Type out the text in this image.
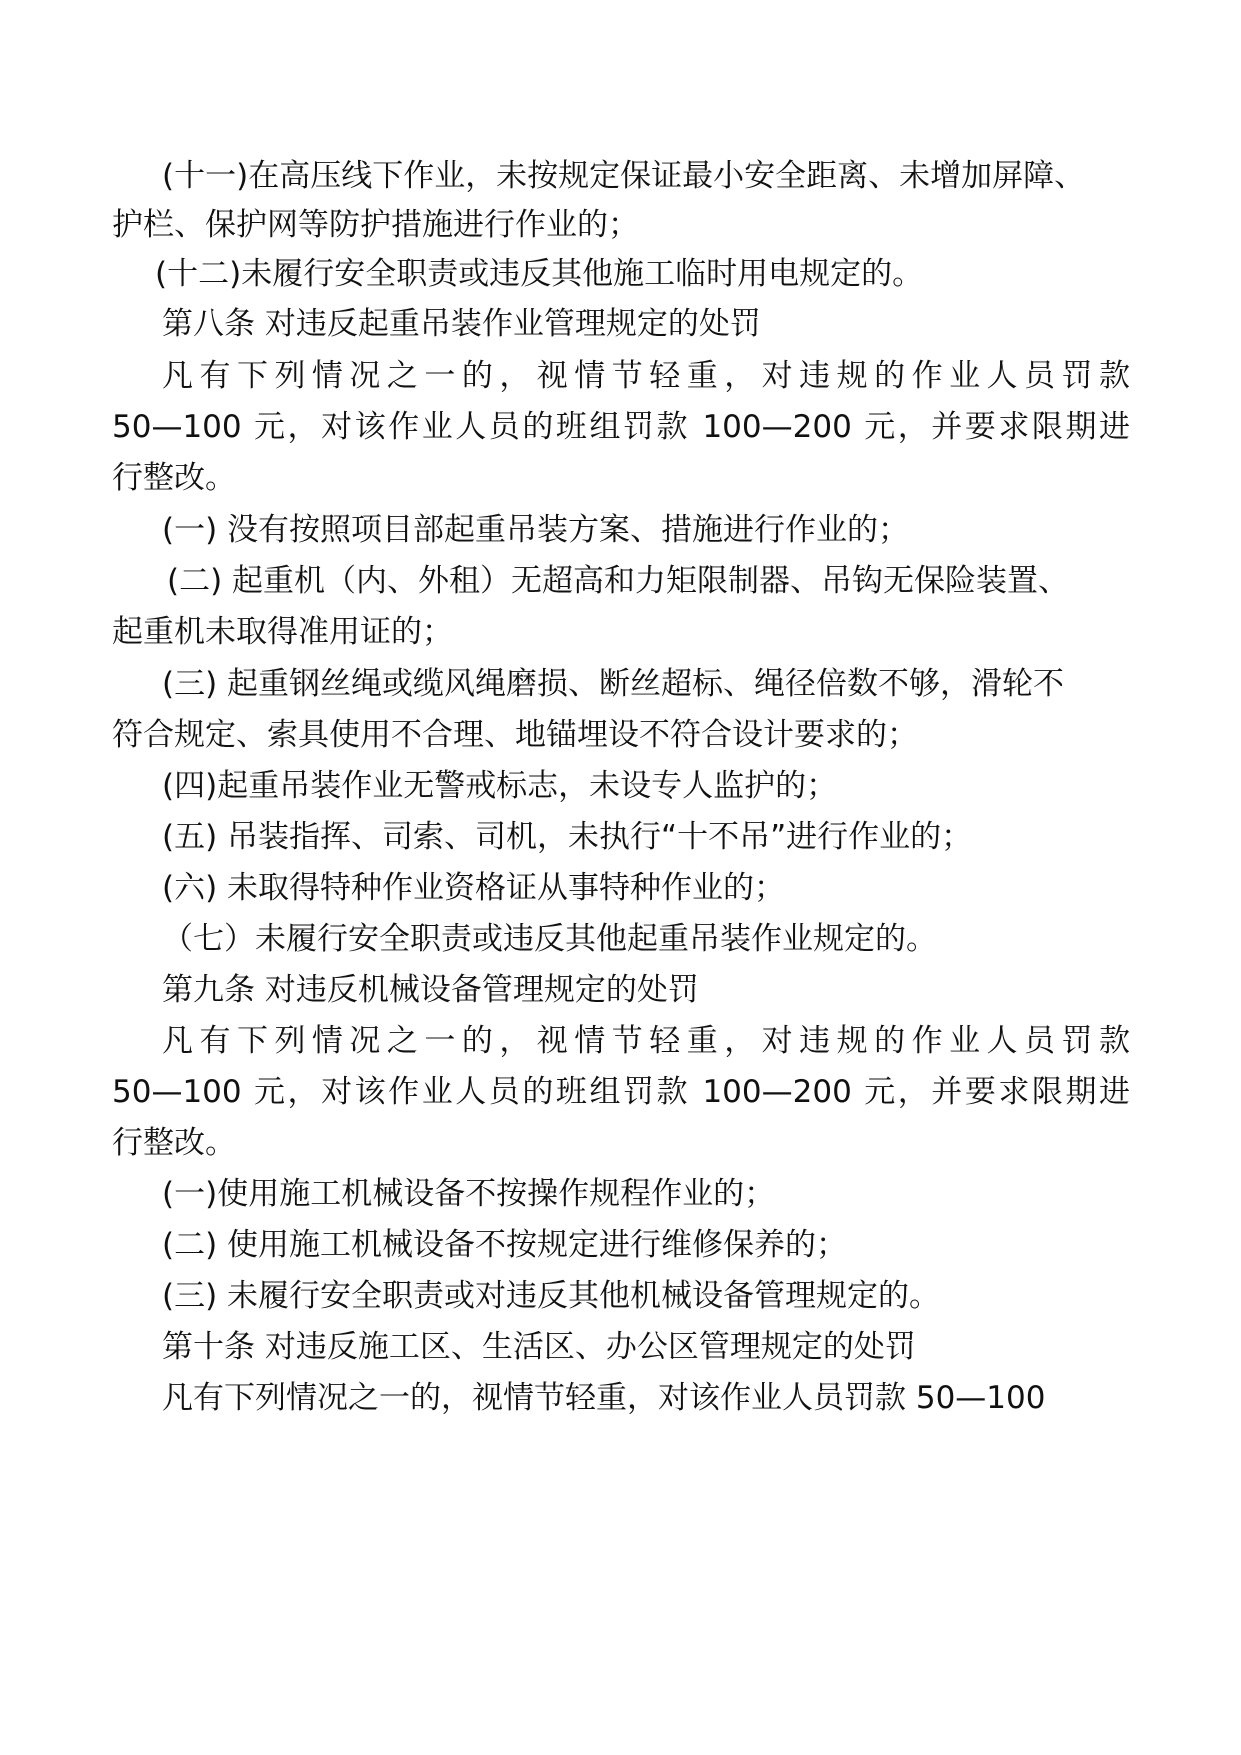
(十一)在高压线下作业，未按规定保证最小安全距离、未增加屏障、
护栏、保护网等防护措施进行作业的；
(十二)未履行安全职责或违反其他施工临时用电规定的。
第八条 对违反起重吊装作业管理规定的处罚
凡有下列情况之一的，视情节轻重，对违规的作业人员罚款
50—100 元，对该作业人员的班组罚款 100—200 元，并要求限期进
行整改。
(一) 没有按照项目部起重吊装方案、措施进行作业的；
(二) 起重机（内、外租）无超高和力矩限制器、吊钩无保险装置、
起重机未取得准用证的；
(三) 起重钢丝绳或缆风绳磨损、断丝超标、绳径倍数不够，滑轮不
符合规定、索具使用不合理、地锚埋设不符合设计要求的；
(四)起重吊装作业无警戒标志，未设专人监护的；
(五) 吊装指挥、司索、司机，未执行“十不吊”进行作业的；
(六) 未取得特种作业资格证从事特种作业的；
（七）未履行安全职责或违反其他起重吊装作业规定的。
第九条 对违反机械设备管理规定的处罚
凡有下列情况之一的，视情节轻重，对违规的作业人员罚款
50—100 元，对该作业人员的班组罚款 100—200 元，并要求限期进
行整改。
(一)使用施工机械设备不按操作规程作业的；
(二) 使用施工机械设备不按规定进行维修保养的；
(三) 未履行安全职责或对违反其他机械设备管理规定的。
第十条 对违反施工区、生活区、办公区管理规定的处罚
凡有下列情况之一的，视情节轻重，对该作业人员罚款 50—100
